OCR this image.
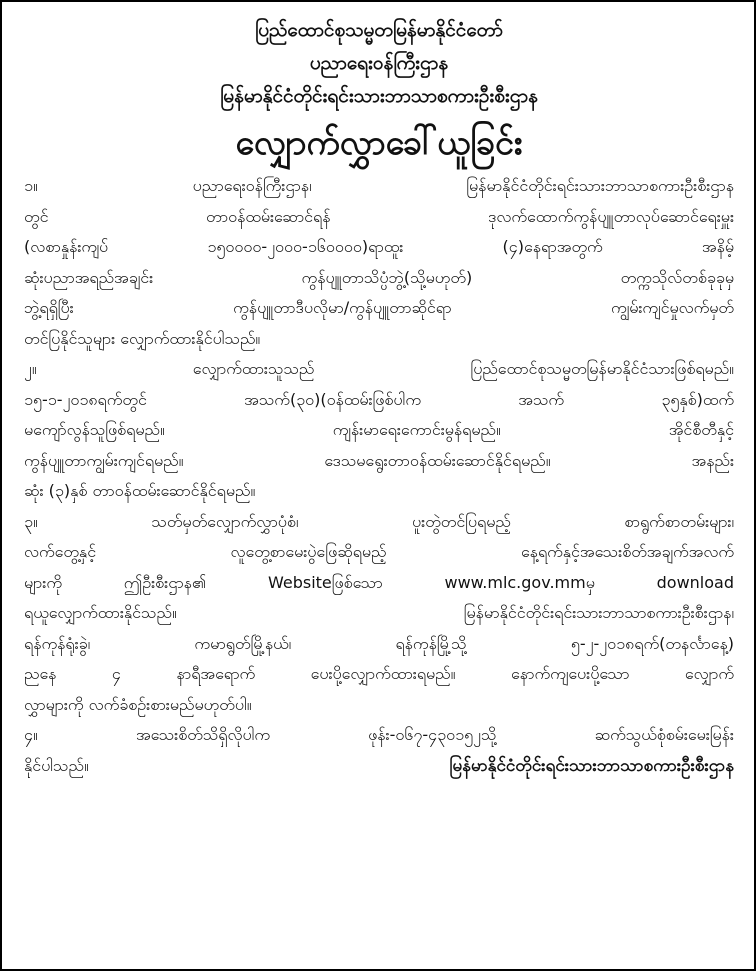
ပြည်ထောင်စုသမ္မတမြန်မာနိုင်ငံတော်
ပညာရေးဝန်ကြီးဌာန
မြန်မာနိုင်ငံတိုင်းရင်းသားဘာသာစကားဦးစီးဌာန
လျှောက်လွှာခေါ်ယူခြင်း
၁။ ပညာရေးဝန်ကြီးဌာန၊ မြန်မာနိုင်ငံတိုင်းရင်းသားဘာသာစကားဦးစီးဌာန
တွင် တာဝန်ထမ်းဆောင်ရန် ဒုလက်ထောက်ကွန်ပျူတာလုပ်ဆောင်ရေးမှူး
(လစာနှုန်းကျပ် ၁၅၀၀၀၀-၂၀၀၀-၁၆၀၀၀၀)ရာထူး (၄)နေရာအတွက် အနိမ့်
ဆုံးပညာအရည်အချင်း ကွန်ပျူတာသိပ္ပံဘွဲ့(သို့မဟုတ်) တက္ကသိုလ်တစ်ခုခုမှ
ဘွဲ့ရရှိပြီး ကွန်ပျူတာဒီပလိုမာ/ကွန်ပျူတာဆိုင်ရာ ကျွမ်းကျင်မှုလက်မှတ်
တင်ပြနိုင်သူများ လျှောက်ထားနိုင်ပါသည်။
၂။ လျှောက်ထားသူသည် ပြည်ထောင်စုသမ္မတမြန်မာနိုင်ငံသားဖြစ်ရမည်။
၁၅-၁-၂၀၁၈ရက်တွင် အသက်(၃၀)(ဝန်ထမ်းဖြစ်ပါက အသက် ၃၅နှစ်)ထက်
မကျော်လွန်သူဖြစ်ရမည်။ ကျန်းမာရေးကောင်းမွန်ရမည်။ အိုင်စီတီနှင့်
ကွန်ပျူတာကျွမ်းကျင်ရမည်။ ဒေသမရွေးတာဝန်ထမ်းဆောင်နိုင်ရမည်။ အနည်း
ဆုံး (၃)နှစ် တာဝန်ထမ်းဆောင်နိုင်ရမည်။
၃။ သတ်မှတ်လျှောက်လွှာပုံစံ၊ ပူးတွဲတင်ပြရမည့် စာရွက်စာတမ်းများ၊
လက်တွေ့နှင့် လူတွေ့စာမေးပွဲဖြေဆိုရမည့် နေ့ရက်နှင့်အသေးစိတ်အချက်အလက်
များကို ဤဦးစီးဌာန၏ Websiteဖြစ်သော www.mlc.gov.mmမှ download
ရယူလျှောက်ထားနိုင်သည်။ မြန်မာနိုင်ငံတိုင်းရင်းသားဘာသာစကားဦးစီးဌာန၊
ရန်ကုန်ရုံးခွဲ၊ ကမာရွတ်မြို့နယ်၊ ရန်ကုန်မြို့သို့ ၅-၂-၂၀၁၈ရက်(တနင်္လာနေ့)
ညနေ ၄ နာရီအရောက် ပေးပို့လျှောက်ထားရမည်။ နောက်ကျပေးပို့သော လျှောက်
လွှာများကို လက်ခံစဉ်းစားမည်မဟုတ်ပါ။
၄။ အသေးစိတ်သိရှိလိုပါက ဖုန်း-၀၆၇-၄၃၀၁၅၂သို့ ဆက်သွယ်စုံစမ်းမေးမြန်း
နိုင်ပါသည်။	မြန်မာနိုင်ငံတိုင်းရင်းသားဘာသာစကားဦးစီးဌာန
